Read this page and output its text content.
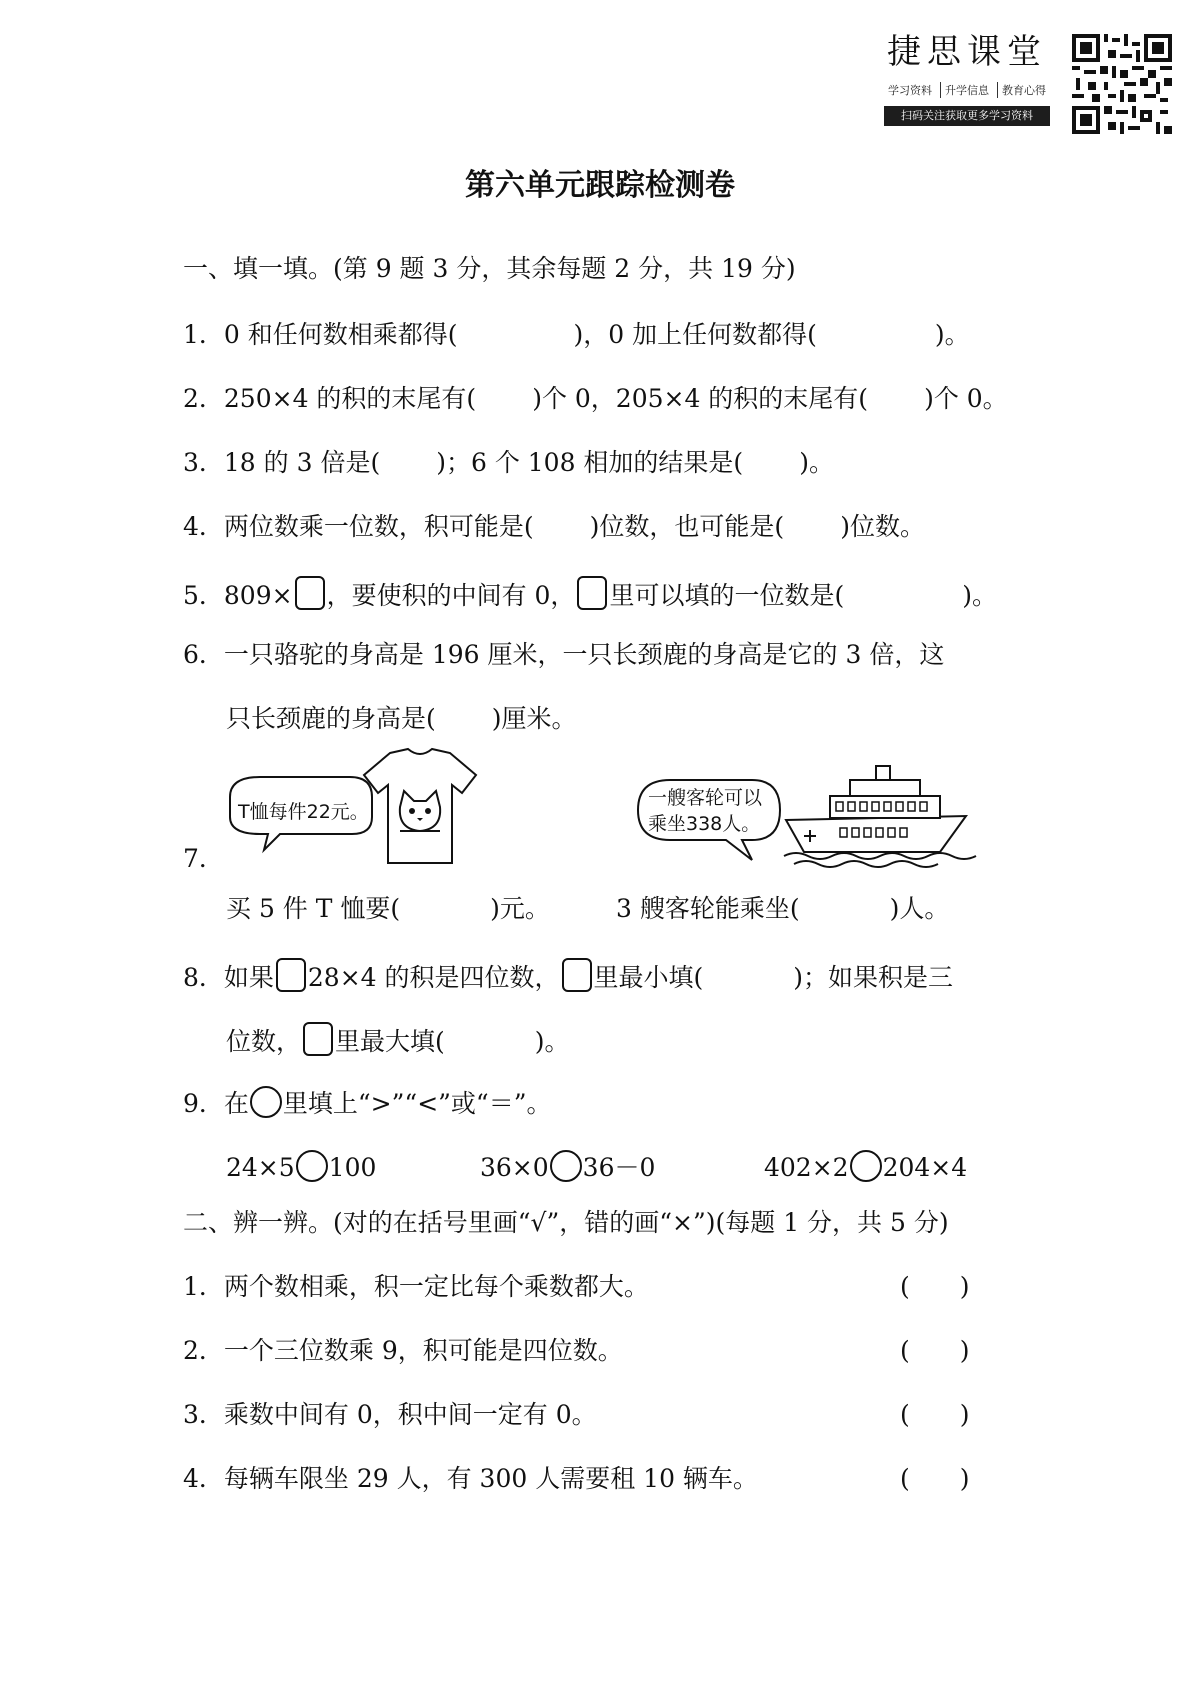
捷思课堂

学习资料	升学信息	教育心得
扫码关注获取更多学习资料
第六单元跟踪检测卷
一、填一填。(第 9 题 3 分，其余每题 2 分，共 19 分)
1．0 和任何数相乘都得(	)，0 加上任何数都得(	)。
2．250×4 的积的末尾有( )个 0，205×4 的积的末尾有( )个 0。
3．18 的 3 倍是( )；6 个 108 相加的结果是( )。
4．两位数乘一位数，积可能是( )位数，也可能是( )位数。
5．809× ，要使积的中间有 0， 里可以填的一位数是(	)。
6．一只骆驼的身高是 196 厘米，一只长颈鹿的身高是它的 3 倍，这
只长颈鹿的身高是( )厘米。
7．
T恤每件22元。
一艘客轮可以
乘坐338人。
买 5 件 T 恤要(	)元。	3 艘客轮能乘坐(	)人。
8．如果 28×4 的积是四位数， 里最小填(	)；如果积是三
位数， 里最大填(	)。
9．在 里填上“>”“<”或“＝”。
24×5 100	36×0 36－0	402×2 204×4
二、辨一辨。(对的在括号里画“√”，错的画“×”)(每题 1 分，共 5 分)
1．两个数相乘，积一定比每个乘数都大。	(　　)
2．一个三位数乘 9，积可能是四位数。	(　　)
3．乘数中间有 0，积中间一定有 0。	(　　)
4．每辆车限坐 29 人，有 300 人需要租 10 辆车。	(　　)
